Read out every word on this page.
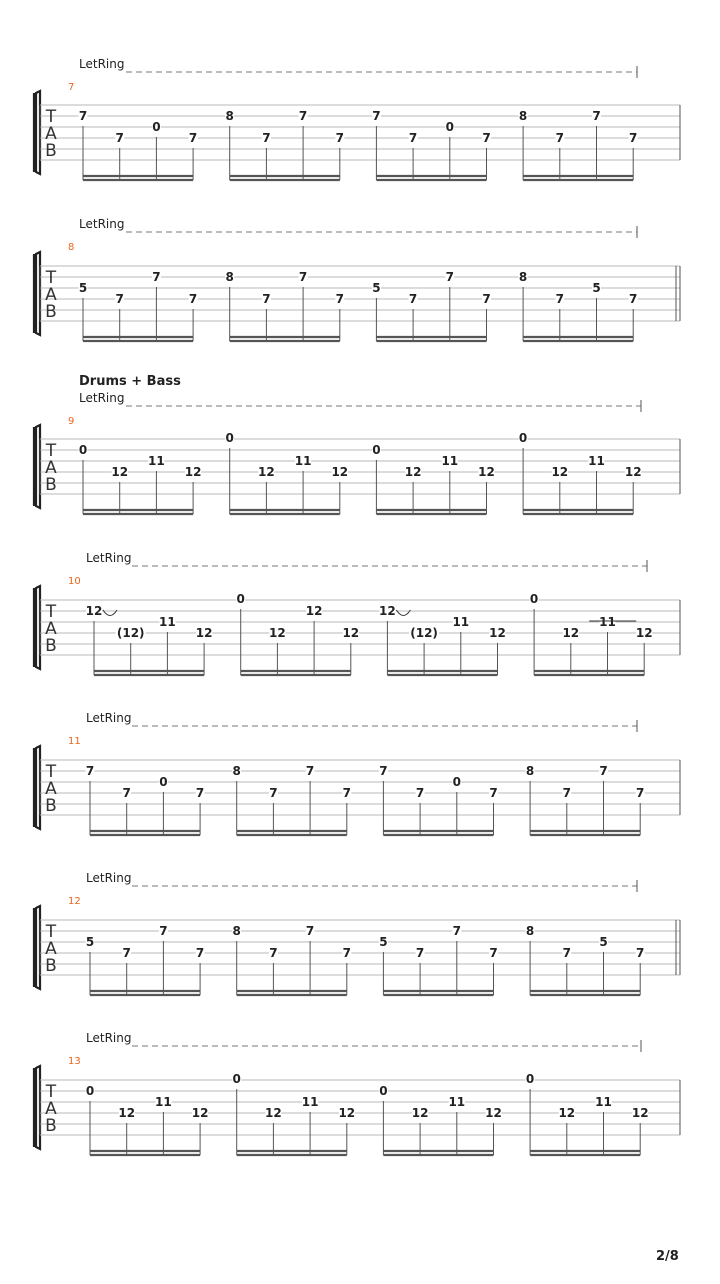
7
LetRing
T
A
B
7
7
0
7
8
7
7
7
7
7
0
7
8
7
7
7
8
LetRing
T
A
B
5
7
7
7
8
7
7
7
5
7
7
7
8
7
5
7
9
LetRing
T
A
B
0
12
11
12
0
12
11
12
0
12
11
12
0
12
11
12
10
LetRing
T
A
B
12
(12)
11
12
0
12
12
12
12
(12)
11
12
0
12
11
12
11
LetRing
T
A
B
7
7
0
7
8
7
7
7
7
7
0
7
8
7
7
7
12
LetRing
T
A
B
5
7
7
7
8
7
7
7
5
7
7
7
8
7
5
7
13
LetRing
T
A
B
0
12
11
12
0
12
11
12
0
12
11
12
0
12
11
12
Drums + Bass
2/8
